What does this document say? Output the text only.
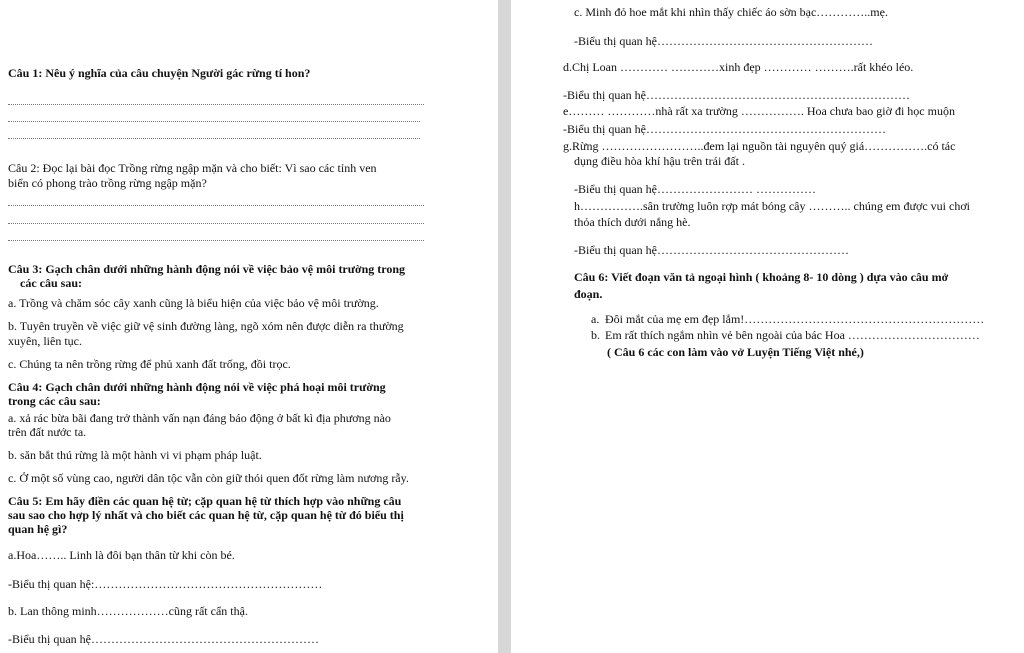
Câu 1: Nêu ý nghĩa của câu chuyện Người gác rừng tí hon?
Câu 2: Đọc lại bài đọc Trồng rừng ngập mặn và cho biết: Vì sao các tỉnh ven
biển có phong trào trồng rừng ngập mặn?
Câu 3: Gạch chân dưới những hành động nói về việc bảo vệ môi trường trong
các câu sau:
a. Trồng và chăm sóc cây xanh cũng là biểu hiện của việc bảo vệ môi trường.
b. Tuyên truyền về việc giữ vệ sinh đường làng, ngõ xóm nên được diễn ra thường
xuyên, liên tục.
c. Chúng ta nên trồng rừng để phủ xanh đất trống, đồi trọc.
Câu 4: Gạch chân dưới những hành động nói về việc phá hoại môi trường
trong các câu sau:
a. xả rác bừa bãi đang trở thành vấn nạn đáng báo động ở bất kì địa phương nào
trên đất nước ta.
b. săn bắt thú rừng là một hành vi vi phạm pháp luật.
c. Ở một số vùng cao, người dân tộc vẫn còn giữ thói quen đốt rừng làm nương rẫy.
Câu 5: Em hãy điền các quan hệ từ; cặp quan hệ từ thích hợp vào những câu
sau sao cho hợp lý nhất và cho biết các quan hệ từ, cặp quan hệ từ đó biểu thị
quan hệ gì?
a.Hoa…….. Linh là đôi bạn thân từ khi còn bé.
-Biểu thị quan hệ:…………………………………………………
b. Lan thông minh………………cũng rất cẩn thậ.
-Biểu thị quan hệ…………………………………………………
c. Minh đỏ hoe mắt khi nhìn thấy chiếc áo sờn bạc…………..mẹ.
-Biểu thị quan hệ………………………………………………
d.Chị Loan ………… …………xinh đẹp ………… ……….rất khéo léo.
-Biểu thị quan hệ…………………………………………………………
e……… …………nhà rất xa trường ……………. Hoa chưa bao giờ đi học muộn
-Biểu thị quan hệ……………………………………………………
g.Rừng ……………………..đem lại nguồn tài nguyên quý giá…………….có tác
dụng điều hòa khí hậu trên trái đất .
-Biểu thị quan hệ…………………… ……………
h…………….sân trường luôn rợp mát bóng cây ……….. chúng em được vui chơi
thỏa thích dưới nắng hè.
-Biểu thị quan hệ…………………………………………
Câu 6: Viết đoạn văn tả ngoại hình ( khoảng 8- 10 dòng ) dựa vào câu mở
đoạn.
a. Đôi mắt của mẹ em đẹp lắm!……………………………………………………
b. Em rất thích ngắm nhìn vẻ bên ngoài của bác Hoa ……………………………
( Câu 6 các con làm vào vở Luyện Tiếng Việt nhé,)
